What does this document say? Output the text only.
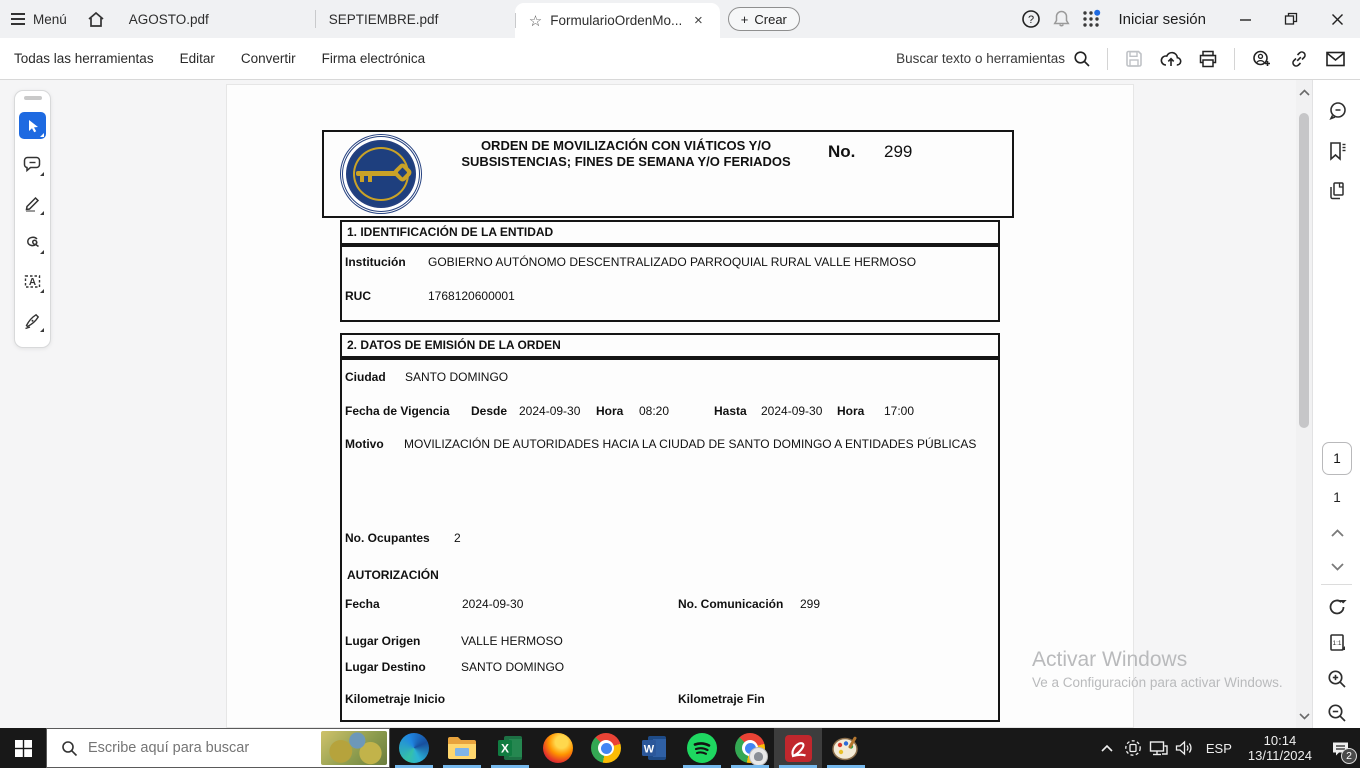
Menú	AGOSTO.pdf	SEPTIEMBRE.pdf	☆ FormularioOrdenMo... ×	+ Crear	?	Iniciar sesión
Todas las herramientas Editar Convertir Firma electrónica	Buscar texto o herramientas
A
ORDEN DE MOVILIZACIÓN CON VIÁTICOS Y/O SUBSISTENCIAS; FINES DE SEMANA Y/O FERIADOS	No. 299
1. IDENTIFICACIÓN DE LA ENTIDAD
Institución GOBIERNO AUTÓNOMO DESCENTRALIZADO PARROQUIAL RURAL VALLE HERMOSO
RUC	1768120600001
2. DATOS DE EMISIÓN DE LA ORDEN
Ciudad SANTO DOMINGO
Fecha de Vigencia Desde 2024-09-30 Hora 08:20	Hasta 2024-09-30 Hora 17:00
Motivo MOVILIZACIÓN DE AUTORIDADES HACIA LA CIUDAD DE SANTO DOMINGO A ENTIDADES PÚBLICAS
No. Ocupantes 2
AUTORIZACIÓN
Fecha	2024-09-30	No. Comunicación 299
Lugar Origen	VALLE HERMOSO
Lugar Destino	SANTO DOMINGO
Kilometraje Inicio	Kilometraje Fin
1
1
1:1
Activar Windows
Ve a Configuración para activar Windows.
Escribe aquí para buscar
X	W	ESP	10:14
13/11/2024	2
